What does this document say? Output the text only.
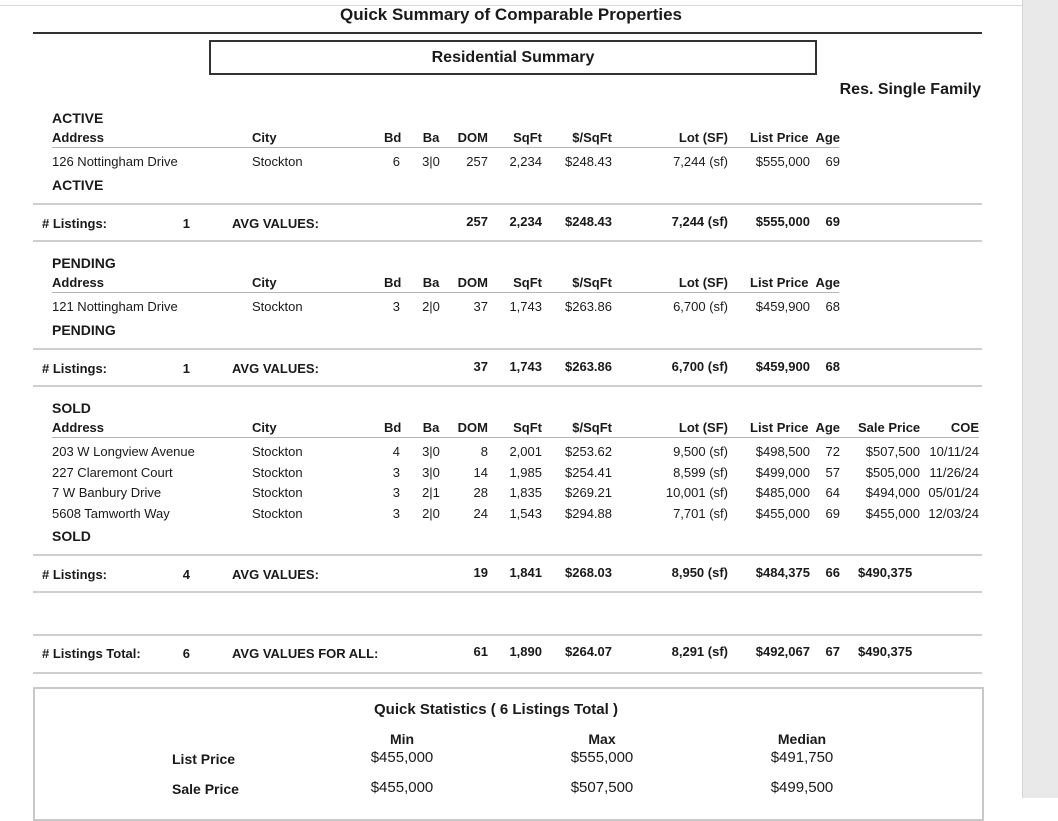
Quick Summary of Comparable Properties
Residential Summary
Res. Single Family
ACTIVE
Address	City	Bd Ba DOM	SqFt	$/SqFt	Lot (SF) List Price Age
126 Nottingham Drive	Stockton	6 3|0	257	2,234	$248.43	7,244 (sf)	$555,000	69
ACTIVE
# Listings:	1	AVG VALUES:	257	2,234	$248.43	7,244 (sf)	$555,000	69
PENDING
Address	City	Bd Ba DOM	SqFt	$/SqFt	Lot (SF) List Price Age
121 Nottingham Drive	Stockton	3 2|0	37	1,743	$263.86	6,700 (sf)	$459,900	68
PENDING
# Listings:	1	AVG VALUES:	37	1,743	$263.86	6,700 (sf)	$459,900	68
SOLD
Address	City	Bd Ba DOM	SqFt	$/SqFt	Lot (SF) List Price Age Sale Price	COE
203 W Longview Avenue	Stockton	4 3|0	8	2,001	$253.62	9,500 (sf)	$498,500	72	$507,500 10/11/24
227 Claremont Court	Stockton	3 3|0	14	1,985	$254.41	8,599 (sf)	$499,000	57	$505,000 11/26/24
7 W Banbury Drive	Stockton	3 2|1	28	1,835	$269.21	10,001 (sf)	$485,000	64	$494,000 05/01/24
5608 Tamworth Way	Stockton	3 2|0	24	1,543	$294.88	7,701 (sf)	$455,000	69	$455,000 12/03/24
SOLD
# Listings:	4	AVG VALUES:	19	1,841	$268.03	8,950 (sf)	$484,375	66 $490,375
# Listings Total:	6	AVG VALUES FOR ALL:	61	1,890	$264.07	8,291 (sf)	$492,067	67 $490,375
Quick Statistics ( 6 Listings Total )
Min	Max	Median
List Price	$455,000	$555,000	$491,750
Sale Price	$455,000	$507,500	$499,500
